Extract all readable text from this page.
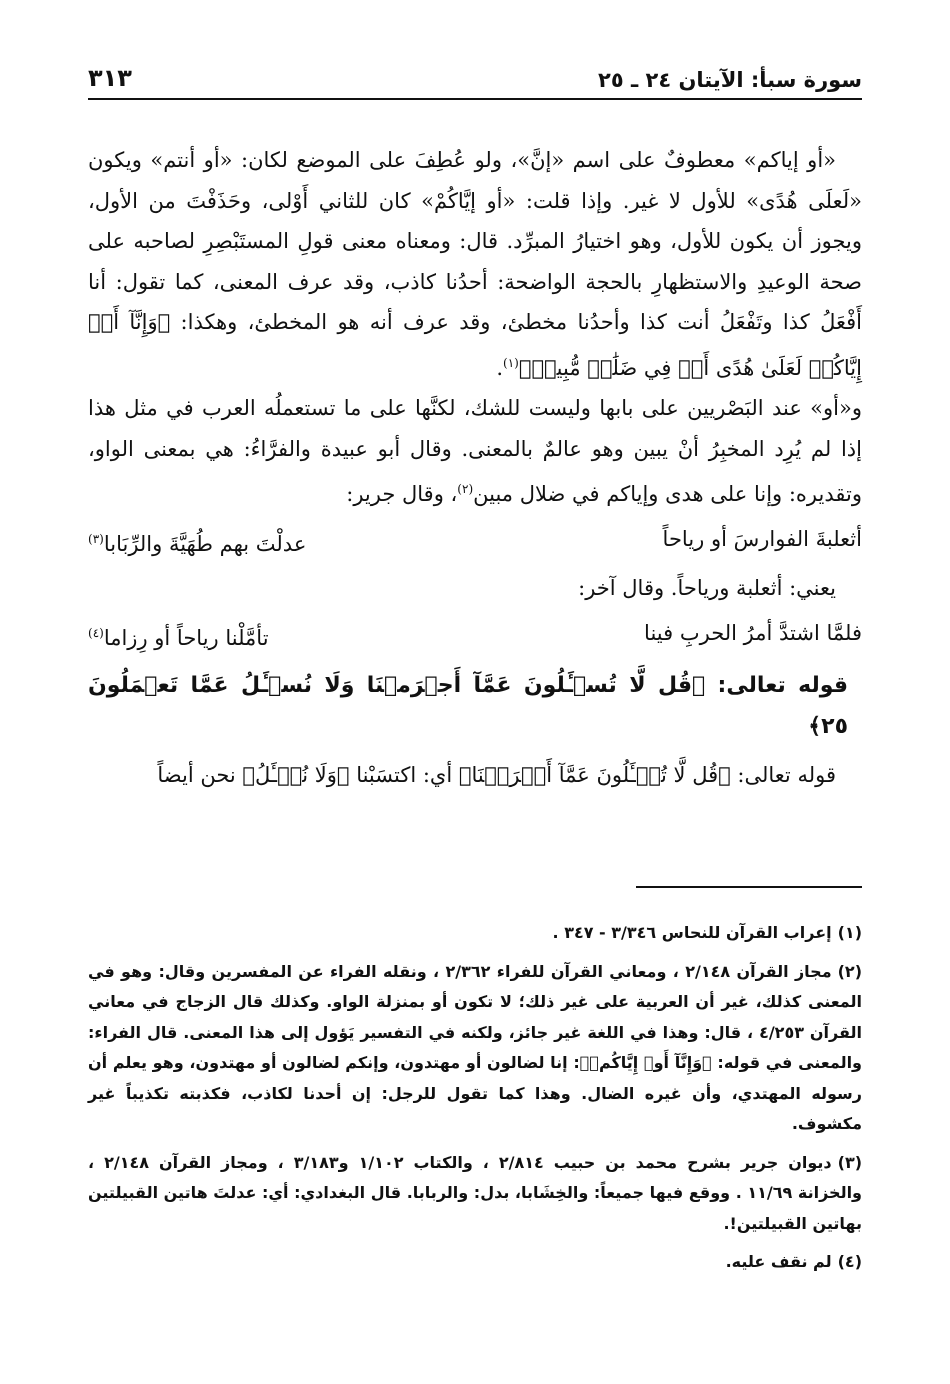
سورة سبأ: الآيتان ٢٤ ـ ٢٥
٣١٣

«أو إياكم» معطوفٌ على اسم «إنَّ»، ولو عُطِفَ على الموضع لكان: «أو أنتم» ويكون «لَعلَى هُدًى» للأول لا غير. وإذا قلت: «أو إيَّاكُمْ» كان للثاني أَوْلى، وحَذَفْتَ من الأول، ويجوز أن يكون للأول، وهو اختيارُ المبرِّد. قال: ومعناه معنى قولِ المستَبْصِرِ لصاحبه على صحة الوعيدِ والاستظهارِ بالحجة الواضحة: أحدُنا كاذب، وقد عرف المعنى، كما تقول: أنا أَفْعَلُ كذا وتَفْعَلُ أنت كذا وأحدُنا مخطئ، وقد عرف أنه هو المخطئ، وهكذا: ﴿وَإِنَّآ أَوۡ إِيَّاكُمۡ لَعَلَىٰ هُدًى أَوۡ فِي ضَلَٰلٖ مُّبِينٖ﴾$^{(١)}$.

و«أو» عند البَصْريين على بابها وليست للشك، لكنَّها على ما تستعملُه العرب في مثل هذا إذا لم يُرِد المخبِرُ أنْ يبين وهو عالمٌ بالمعنى. وقال أبو عبيدة والفرَّاءُ: هي بمعنى الواو، وتقديره: وإنا على هدى وإياكم في ضلال مبين$^{(٢)}$، وقال جرير:

أثعلبةَ الفوارسَ أو رياحاً
عدلْتَ بهم طُهَيَّةَ والرِّبَابا$^{(٣)}$

يعني: أثعلبة ورياحاً. وقال آخر:

فلمَّا اشتدَّ أمرُ الحربِ فينا
تأمَّلْنا رياحاً أو رِزاما$^{(٤)}$
قوله تعالى: ﴿قُل لَّا تُسۡـَٔلُونَ عَمَّآ أَجۡرَمۡنَا وَلَا نُسۡـَٔلُ عَمَّا تَعۡمَلُونَ ٢٥﴾

قوله تعالى: ﴿قُل لَّا تُسۡـَٔلُونَ عَمَّآ أَجۡرَمۡنَا﴾ أي: اكتسَبْنا ﴿وَلَا نُسۡـَٔلُ﴾ نحن أيضاً

(١)إعراب القرآن للنحاس ٣/٣٤٦ - ٣٤٧ .

(٢)مجاز القرآن ٢/١٤٨ ، ومعاني القرآن للفراء ٢/٣٦٢ ، ونقله الفراء عن المفسرين وقال: وهو في المعنى كذلك، غير أن العربية على غير ذلك؛ لا تكون أو بمنزلة الواو. وكذلك قال الزجاج في معاني القرآن ٤/٢٥٣ ، قال: وهذا في اللغة غير جائز، ولكنه في التفسير يَؤول إلى هذا المعنى. قال الفراء: والمعنى في قوله: ﴿وَإِنَّآ أَوۡ إِيَّاكُمۡ﴾: إنا لضالون أو مهتدون، وإنكم لضالون أو مهتدون، وهو يعلم أن رسوله المهتدي، وأن غيره الضال. وهذا كما تقول للرجل: إن أحدنا لكاذب، فكذبته تكذيباً غير مكشوف.

(٣)ديوان جرير بشرح محمد بن حبيب ٢/٨١٤ ، والكتاب ١/١٠٢ و٣/١٨٣ ، ومجاز القرآن ٢/١٤٨ ، والخزانة ١١/٦٩ . ووقع فيها جميعاً: والخِشَابا، بدل: والربابا. قال البغدادي: أي: عدلتَ هاتين القبيلتين بهاتين القبيلتين!.

(٤)لم نقف عليه.
